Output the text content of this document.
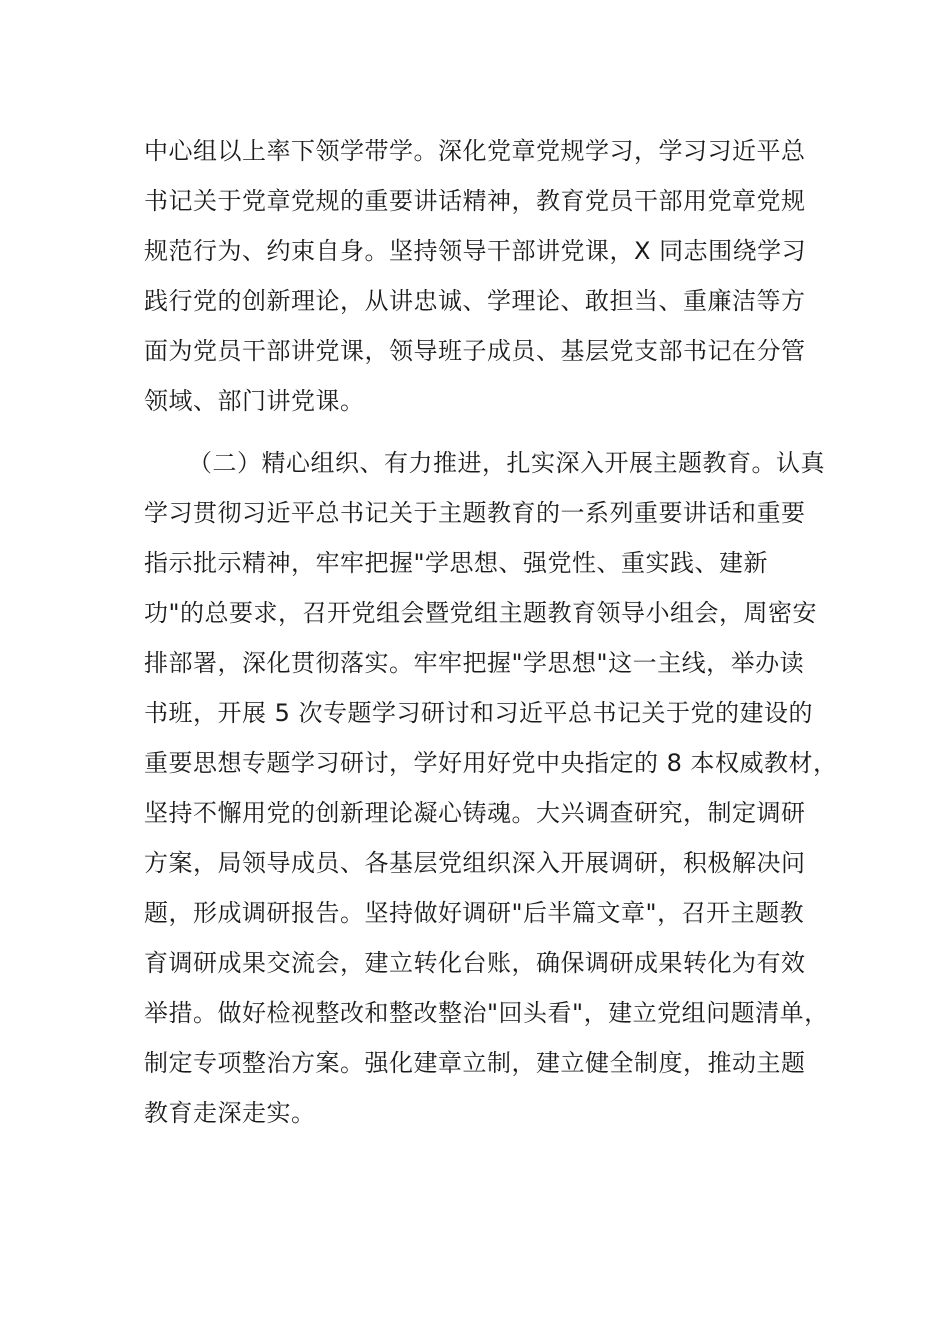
中心组以上率下领学带学。深化党章党规学习，学习习近平总
书记关于党章党规的重要讲话精神，教育党员干部用党章党规
规范行为、约束自身。坚持领导干部讲党课，X 同志围绕学习
践行党的创新理论，从讲忠诚、学理论、敢担当、重廉洁等方
面为党员干部讲党课，领导班子成员、基层党支部书记在分管
领域、部门讲党课。
（二）精心组织、有力推进，扎实深入开展主题教育。认真
学习贯彻习近平总书记关于主题教育的一系列重要讲话和重要
指示批示精神，牢牢把握"学思想、强党性、重实践、建新
功"的总要求，召开党组会暨党组主题教育领导小组会，周密安
排部署，深化贯彻落实。牢牢把握"学思想"这一主线，举办读
书班，开展 5 次专题学习研讨和习近平总书记关于党的建设的
重要思想专题学习研讨，学好用好党中央指定的 8 本权威教材，
坚持不懈用党的创新理论凝心铸魂。大兴调查研究，制定调研
方案，局领导成员、各基层党组织深入开展调研，积极解决问
题，形成调研报告。坚持做好调研"后半篇文章"，召开主题教
育调研成果交流会，建立转化台账，确保调研成果转化为有效
举措。做好检视整改和整改整治"回头看"，建立党组问题清单，
制定专项整治方案。强化建章立制，建立健全制度，推动主题
教育走深走实。
